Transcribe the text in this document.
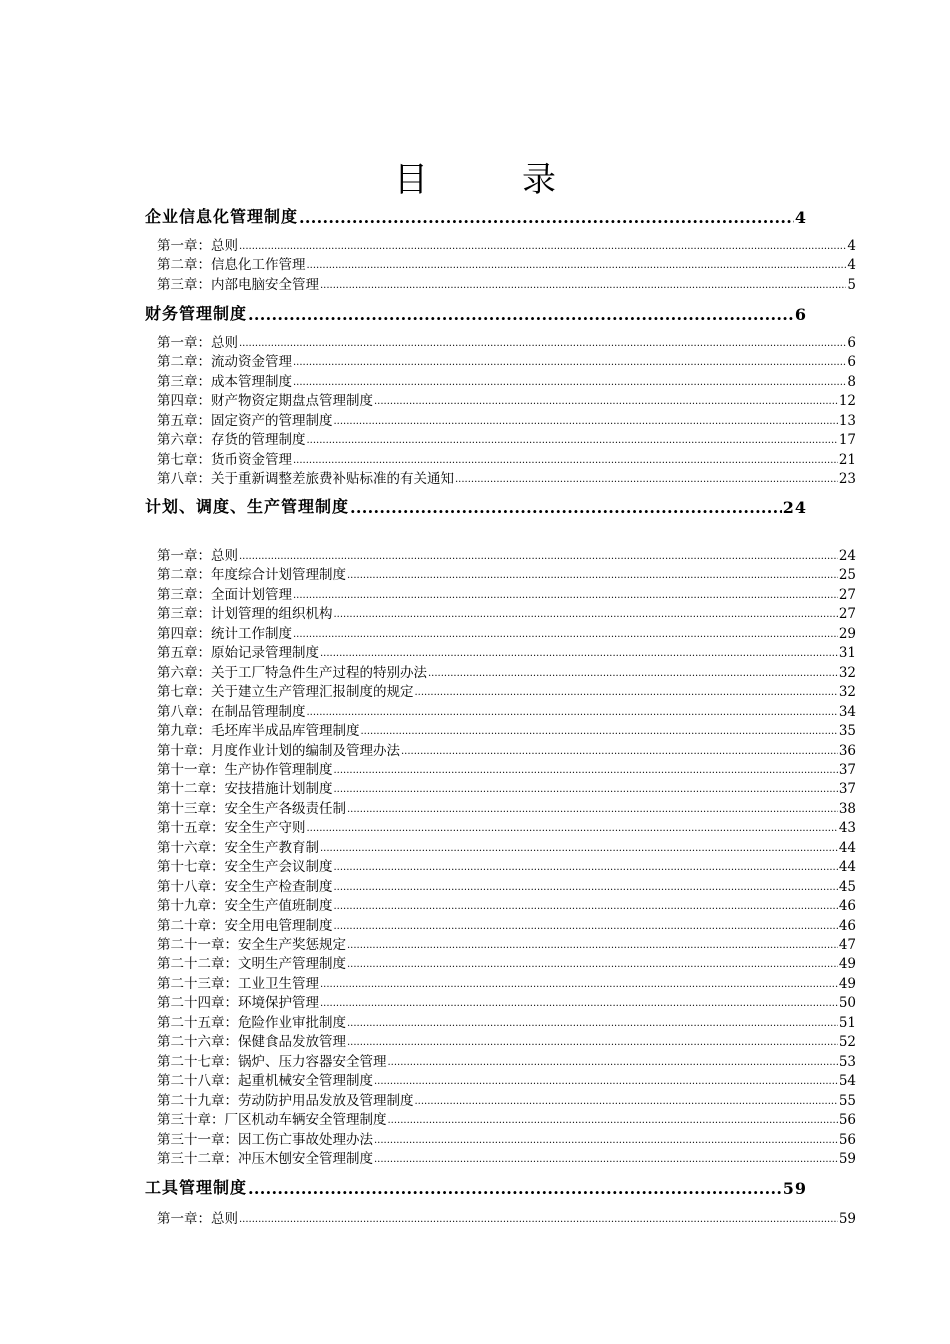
目　录
企业信息化管理制度 .....	4
第一章：总则 .....	4
第二章：信息化工作管理 .....	4
第三章：内部电脑安全管理 .....	5
财务管理制度 .....	6
第一章：总则 .....	6
第二章：流动资金管理 .....	6
第三章：成本管理制度 .....	8
第四章：财产物资定期盘点管理制度 .....	12
第五章：固定资产的管理制度 .....	13
第六章：存货的管理制度 .....	17
第七章：货币资金管理 .....	21
第八章：关于重新调整差旅费补贴标准的有关通知 .....	23
计划、调度、生产管理制度 .....	24
第一章：总则 .....	24
第二章：年度综合计划管理制度 .....	25
第三章：全面计划管理 .....	27
第三章：计划管理的组织机构 .....	27
第四章：统计工作制度 .....	29
第五章：原始记录管理制度 .....	31
第六章：关于工厂特急件生产过程的特别办法 .....	32
第七章：关于建立生产管理汇报制度的规定 .....	32
第八章：在制品管理制度 .....	34
第九章：毛坯库半成品库管理制度 .....	35
第十章：月度作业计划的编制及管理办法 .....	36
第十一章：生产协作管理制度 .....	37
第十二章：安技措施计划制度 .....	37
第十三章：安全生产各级责任制 .....	38
第十五章：安全生产守则 .....	43
第十六章：安全生产教育制 .....	44
第十七章：安全生产会议制度 .....	44
第十八章：安全生产检查制度 .....	45
第十九章：安全生产值班制度 .....	46
第二十章：安全用电管理制度 .....	46
第二十一章：安全生产奖惩规定 .....	47
第二十二章：文明生产管理制度 .....	49
第二十三章：工业卫生管理 .....	49
第二十四章：环境保护管理 .....	50
第二十五章：危险作业审批制度 .....	51
第二十六章：保健食品发放管理 .....	52
第二十七章：锅炉、压力容器安全管理 .....	53
第二十八章：起重机械安全管理制度 .....	54
第二十九章：劳动防护用品发放及管理制度 .....	55
第三十章：厂区机动车辆安全管理制度 .....	56
第三十一章：因工伤亡事故处理办法 .....	56
第三十二章：冲压木刨安全管理制度 .....	59
工具管理制度 .....	59
第一章：总则 .....	59
